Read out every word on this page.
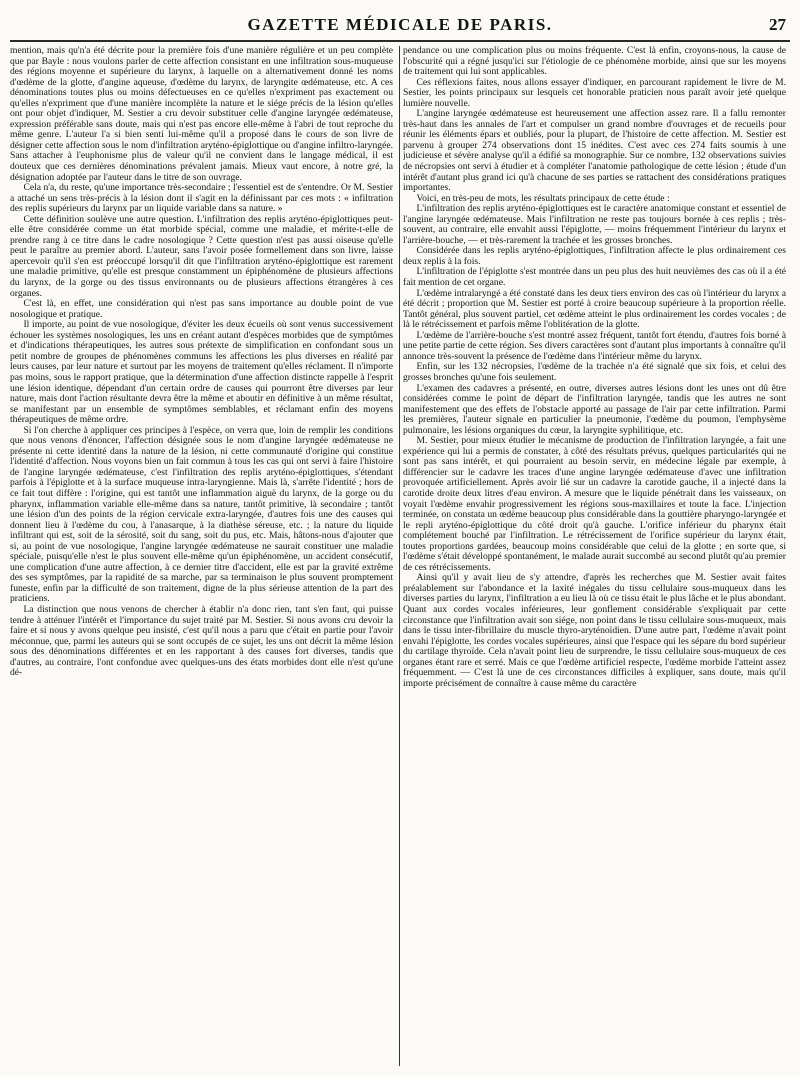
GAZETTE MÉDICALE DE PARIS.	27

mention, mais qu'n'a été décrite pour la première fois d'une manière régulière et un peu complète que par Bayle : nous voulons parler de cette affection consistant en une infiltration sous-muqueuse des régions moyenne et supérieure du larynx, à laquelle on a alternativement donné les noms d'œdème de la glotte, d'angine aqueuse, d'œdème du larynx, de laryngite œdémateuse, etc. A ces dénominations toutes plus ou moins défectueuses en ce qu'elles n'expriment pas exactement ou qu'elles n'expriment que d'une manière incomplète la nature et le siége précis de la lésion qu'elles ont pour objet d'indiquer, M. Sestier a cru devoir substituer celle d'angine laryngée œdémateuse, expression préférable sans doute, mais qui n'est pas encore elle-même à l'abri de tout reproche du même genre. L'auteur l'a si bien senti lui-même qu'il a proposé dans le cours de son livre de désigner cette affection sous le nom d'infiltration aryténo-épiglottique ou d'angine infiltro-laryngée. Sans attacher à l'euphonisme plus de valeur qu'il ne convient dans le langage médical, il est douteux que ces dernières dénominations prévalent jamais. Mieux vaut encore, à notre gré, la désignation adoptée par l'auteur dans le titre de son ouvrage.

Cela n'a, du reste, qu'une importance très-secondaire ; l'essentiel est de s'entendre. Or M. Sestier a attaché un sens très-précis à la lésion dont il s'agit en la définissant par ces mots : « infiltration des replis supérieurs du larynx par un liquide variable dans sa nature. »

Cette définition soulève une autre question. L'infiltration des replis aryténo-épiglottiques peut-elle être considérée comme un état morbide spécial, comme une maladie, et mérite-t-elle de prendre rang à ce titre dans le cadre nosologique ? Cette question n'est pas aussi oiseuse qu'elle peut le paraître au premier abord. L'auteur, sans l'avoir posée formellement dans son livre, laisse apercevoir qu'il s'en est préoccupé lorsqu'il dit que l'infiltration aryténo-épiglottique est rarement une maladie primitive, qu'elle est presque constamment un épiphénomène de plusieurs affections du larynx, de la gorge ou des tissus environnants ou de plusieurs affections étrangères à ces organes.

C'est là, en effet, une considération qui n'est pas sans importance au double point de vue nosologique et pratique.

Il importe, au point de vue nosologique, d'éviter les deux écueils où sont venus successivement échouer les systèmes nosologiques, les uns en créant autant d'espèces morbides que de symptômes et d'indications thérapeutiques, les autres sous prétexte de simplification en confondant sous un petit nombre de groupes de phénomènes communs les affections les plus diverses en réalité par leurs causes, par leur nature et surtout par les moyens de traitement qu'elles réclament. Il n'importe pas moins, sous le rapport pratique, que la détermination d'une affection distincte rappelle à l'esprit une lésion identique, dépendant d'un certain ordre de causes qui pourront être diverses par leur nature, mais dont l'action résultante devra être la même et aboutir en définitive à un même résultat, se manifestant par un ensemble de symptômes semblables, et réclamant enfin des moyens thérapeutiques de même ordre.

Si l'on cherche à appliquer ces principes à l'espèce, on verra que, loin de remplir les conditions que nous venons d'énoncer, l'affection désignée sous le nom d'angine laryngée œdémateuse ne présente ni cette identité dans la nature de la lésion, ni cette communauté d'origine qui constitue l'identité d'affection. Nous voyons bien un fait commun à tous les cas qui ont servi à faire l'histoire de l'angine laryngée œdémateuse, c'est l'infiltration des replis aryténo-épiglottiques, s'étendant parfois à l'épiglotte et à la surface muqueuse intra-laryngienne. Mais là, s'arrête l'identité ; hors de ce fait tout diffère : l'origine, qui est tantôt une inflammation aiguë du larynx, de la gorge ou du pharynx, inflammation variable elle-même dans sa nature, tantôt primitive, là secondaire ; tantôt une lésion d'un des points de la région cervicale extra-laryngée, d'autres fois une des causes qui donnent lieu à l'œdème du cou, à l'anasarque, à la diathèse séreuse, etc. ; la nature du liquide infiltrant qui est, soit de la sérosité, soit du sang, soit du pus, etc. Mais, hâtons-nous d'ajouter que si, au point de vue nosologique, l'angine laryngée œdémateuse ne saurait constituer une maladie spéciale, puisqu'elle n'est le plus souvent elle-même qu'un épiphénomène, un accident consécutif, une complication d'une autre affection, à ce dernier titre d'accident, elle est par la gravité extrême des ses symptômes, par la rapidité de sa marche, par sa terminaison le plus souvent promptement funeste, enfin par la difficulté de son traitement, digne de la plus sérieuse attention de la part des praticiens.

La distinction que nous venons de chercher à établir n'a donc rien, tant s'en faut, qui puisse tendre à atténuer l'intérêt et l'importance du sujet traité par M. Sestier. Si nous avons cru devoir la faire et si nous y avons quelque peu insisté, c'est qu'il nous a paru que c'était en partie pour l'avoir méconnue, que, parmi les auteurs qui se sont occupés de ce sujet, les uns ont décrit la même lésion sous des dénominations différentes et en les rapportant à des causes fort diverses, tandis que d'autres, au contraire, l'ont confondue avec quelques-uns des états morbides dont elle n'est qu'une dé-

pendance ou une complication plus ou moins fréquente. C'est là enfin, croyons-nous, la cause de l'obscurité qui a régné jusqu'ici sur l'étiologie de ce phénomène morbide, ainsi que sur les moyens de traitement qui lui sont applicables.

Ces réflexions faites, nous allons essayer d'indiquer, en parcourant rapidement le livre de M. Sestier, les points principaux sur lesquels cet honorable praticien nous paraît avoir jeté quelque lumière nouvelle.

L'angine laryngée œdémateuse est heureusement une affection assez rare. Il a fallu remonter très-haut dans les annales de l'art et compulser un grand nombre d'ouvrages et de recueils pour réunir les éléments épars et oubliés, pour la plupart, de l'histoire de cette affection. M. Sestier est parvenu à grouper 274 observations dont 15 inédites. C'est avec ces 274 faits soumis à une judicieuse et sévère analyse qu'il a édifié sa monographie. Sur ce nombre, 132 observations suivies de nécropsies ont servi à étudier et à compléter l'anatomie pathologique de cette lésion ; étude d'un intérêt d'autant plus grand ici qu'à chacune de ses parties se rattachent des considérations pratiques importantes.

Voici, en très-peu de mots, les résultats principaux de cette étude :

L'infiltration des replis aryténo-épiglottiques est le caractère anatomique constant et essentiel de l'angine laryngée œdémateuse. Mais l'infiltration ne reste pas toujours bornée à ces replis ; très-souvent, au contraire, elle envahit aussi l'épiglotte, — moins fréquemment l'intérieur du larynx et l'arrière-bouche, — et très-rarement la trachée et les grosses bronches.

Considérée dans les replis aryténo-épiglottiques, l'infiltration affecte le plus ordinairement ces deux replis à la fois.

L'infiltration de l'épiglotte s'est montrée dans un peu plus des huit neuvièmes des cas où il a été fait mention de cet organe.

L'œdème intralaryngé a été constaté dans les deux tiers environ des cas où l'intérieur du larynx a été décrit ; proportion que M. Sestier est porté à croire beaucoup supérieure à la proportion réelle. Tantôt général, plus souvent partiel, cet œdème atteint le plus ordinairement les cordes vocales ; de là le rétrécissement et parfois même l'oblitération de la glotte.

L'œdème de l'arrière-bouche s'est montré assez fréquent, tantôt fort étendu, d'autres fois borné à une petite partie de cette région. Ses divers caractères sont d'autant plus importants à connaître qu'il annonce très-souvent la présence de l'œdème dans l'intérieur même du larynx.

Enfin, sur les 132 nécropsies, l'œdème de la trachée n'a été signalé que six fois, et celui des grosses bronches qu'une fois seulement.

L'examen des cadavres a présenté, en outre, diverses autres lésions dont les unes ont dû être considérées comme le point de départ de l'infiltration laryngée, tandis que les autres ne sont manifestement que des effets de l'obstacle apporté au passage de l'air par cette infiltration. Parmi les premières, l'auteur signale en particulier la pneumonie, l'œdème du poumon, l'emphysème pulmonaire, les lésions organiques du cœur, la laryngite syphilitique, etc.

M. Sestier, pour mieux étudier le mécanisme de production de l'infiltration laryngée, a fait une expérience qui lui a permis de constater, à côté des résultats prévus, quelques particularités qui ne sont pas sans intérêt, et qui pourraient au besoin servir, en médecine légale par exemple, à différencier sur le cadavre les traces d'une angine laryngée œdémateuse d'avec une infiltration provoquée artificiellement. Après avoir lié sur un cadavre la carotide gauche, il a injecté dans la carotide droite deux litres d'eau environ. A mesure que le liquide pénétrait dans les vaisseaux, on voyait l'œdème envahir progressivement les régions sous-maxillaires et toute la face. L'injection terminée, on constata un œdème beaucoup plus considérable dans la gouttière pharyngo-laryngée et le repli aryténo-épiglottique du côté droit qu'à gauche. L'orifice inférieur du pharynx était complétement bouché par l'infiltration. Le rétrécissement de l'orifice supérieur du larynx était, toutes proportions gardées, beaucoup moins considérable que celui de la glotte ; en sorte que, si l'œdème s'était développé spontanément, le malade aurait succombé au second plutôt qu'au premier de ces rétrécissements.

Ainsi qu'il y avait lieu de s'y attendre, d'après les recherches que M. Sestier avait faites préalablement sur l'abondance et la laxité inégales du tissu cellulaire sous-muqueux dans les diverses parties du larynx, l'infiltration a eu lieu là où ce tissu était le plus lâche et le plus abondant. Quant aux cordes vocales inférieures, leur gonflement considérable s'expliquait par cette circonstance que l'infiltration avait son siége, non point dans le tissu cellulaire sous-muqueux, mais dans le tissu inter-fibrillaire du muscle thyro-aryténoïdien. D'une autre part, l'œdème n'avait point envahi l'épiglotte, les cordes vocales supérieures, ainsi que l'espace qui les sépare du bord supérieur du cartilage thyroïde. Cela n'avait point lieu de surprendre, le tissu cellulaire sous-muqueux de ces organes étant rare et serré. Mais ce que l'œdème artificiel respecte, l'œdème morbide l'atteint assez fréquemment. — C'est là une de ces circonstances difficiles à expliquer, sans doute, mais qu'il importe précisément de connaître à cause même du caractère
